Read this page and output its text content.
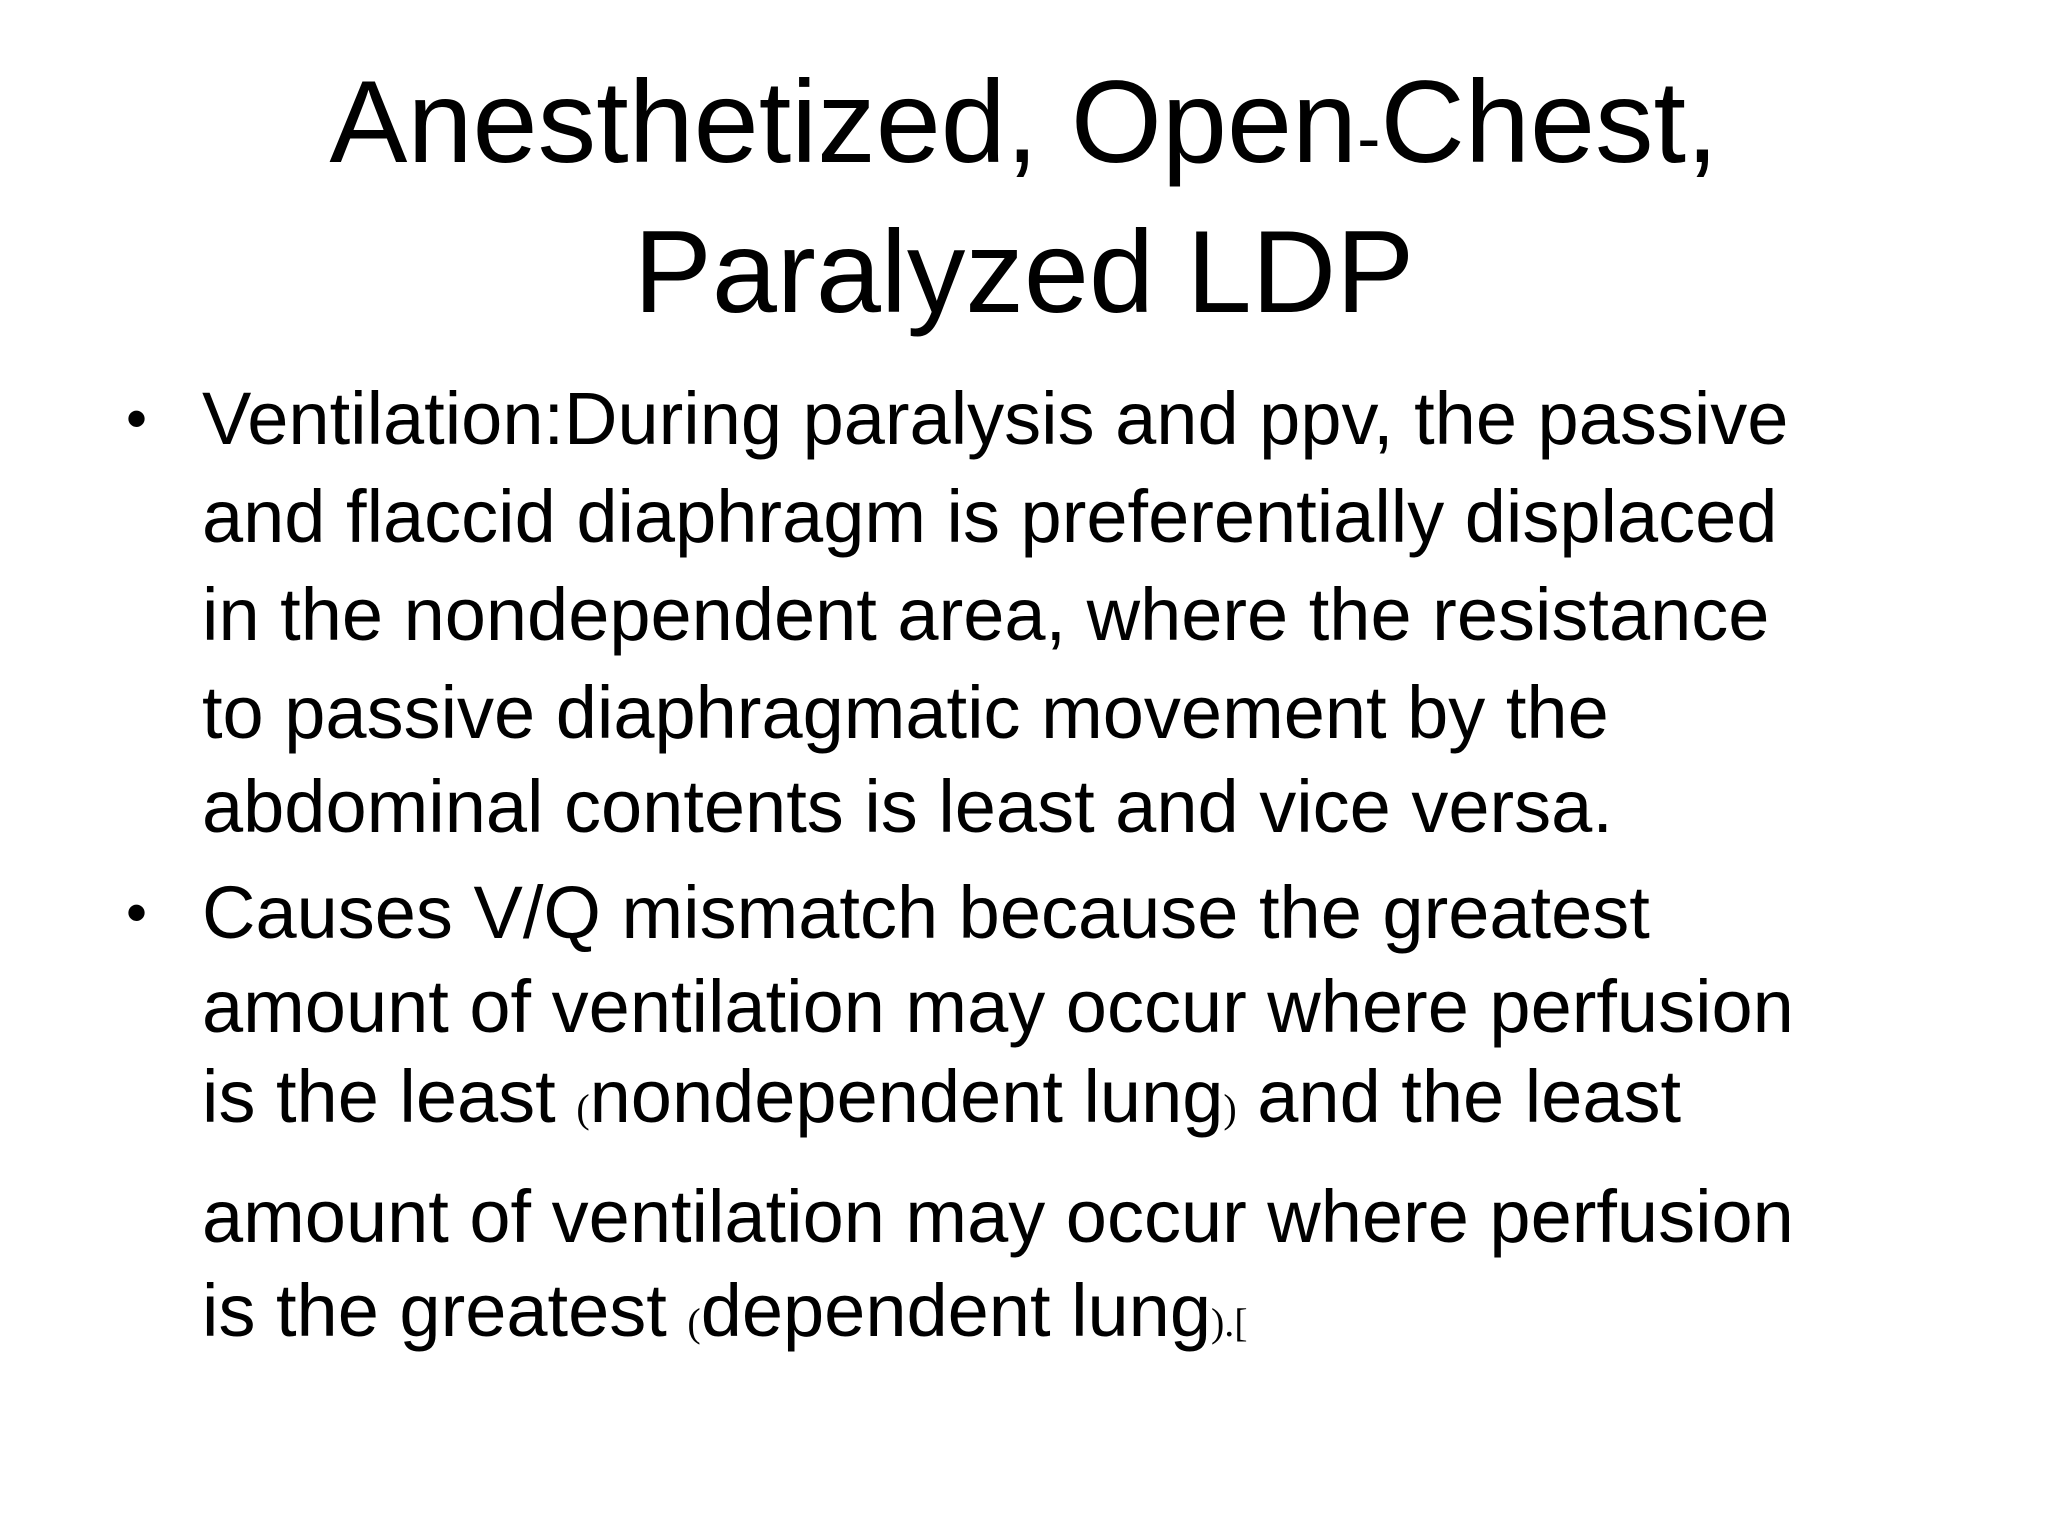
Anesthetized, Open-Chest,
Paralyzed LDP
• Ventilation:During paralysis and ppv, the passive
and flaccid diaphragm is preferentially displaced
in the nondependent area, where the resistance
to passive diaphragmatic movement by the
abdominal contents is least and vice versa.
• Causes V/Q mismatch because the greatest
amount of ventilation may occur where perfusion
is the least (nondependent lung) and the least
amount of ventilation may occur where perfusion
is the greatest (dependent lung).[
